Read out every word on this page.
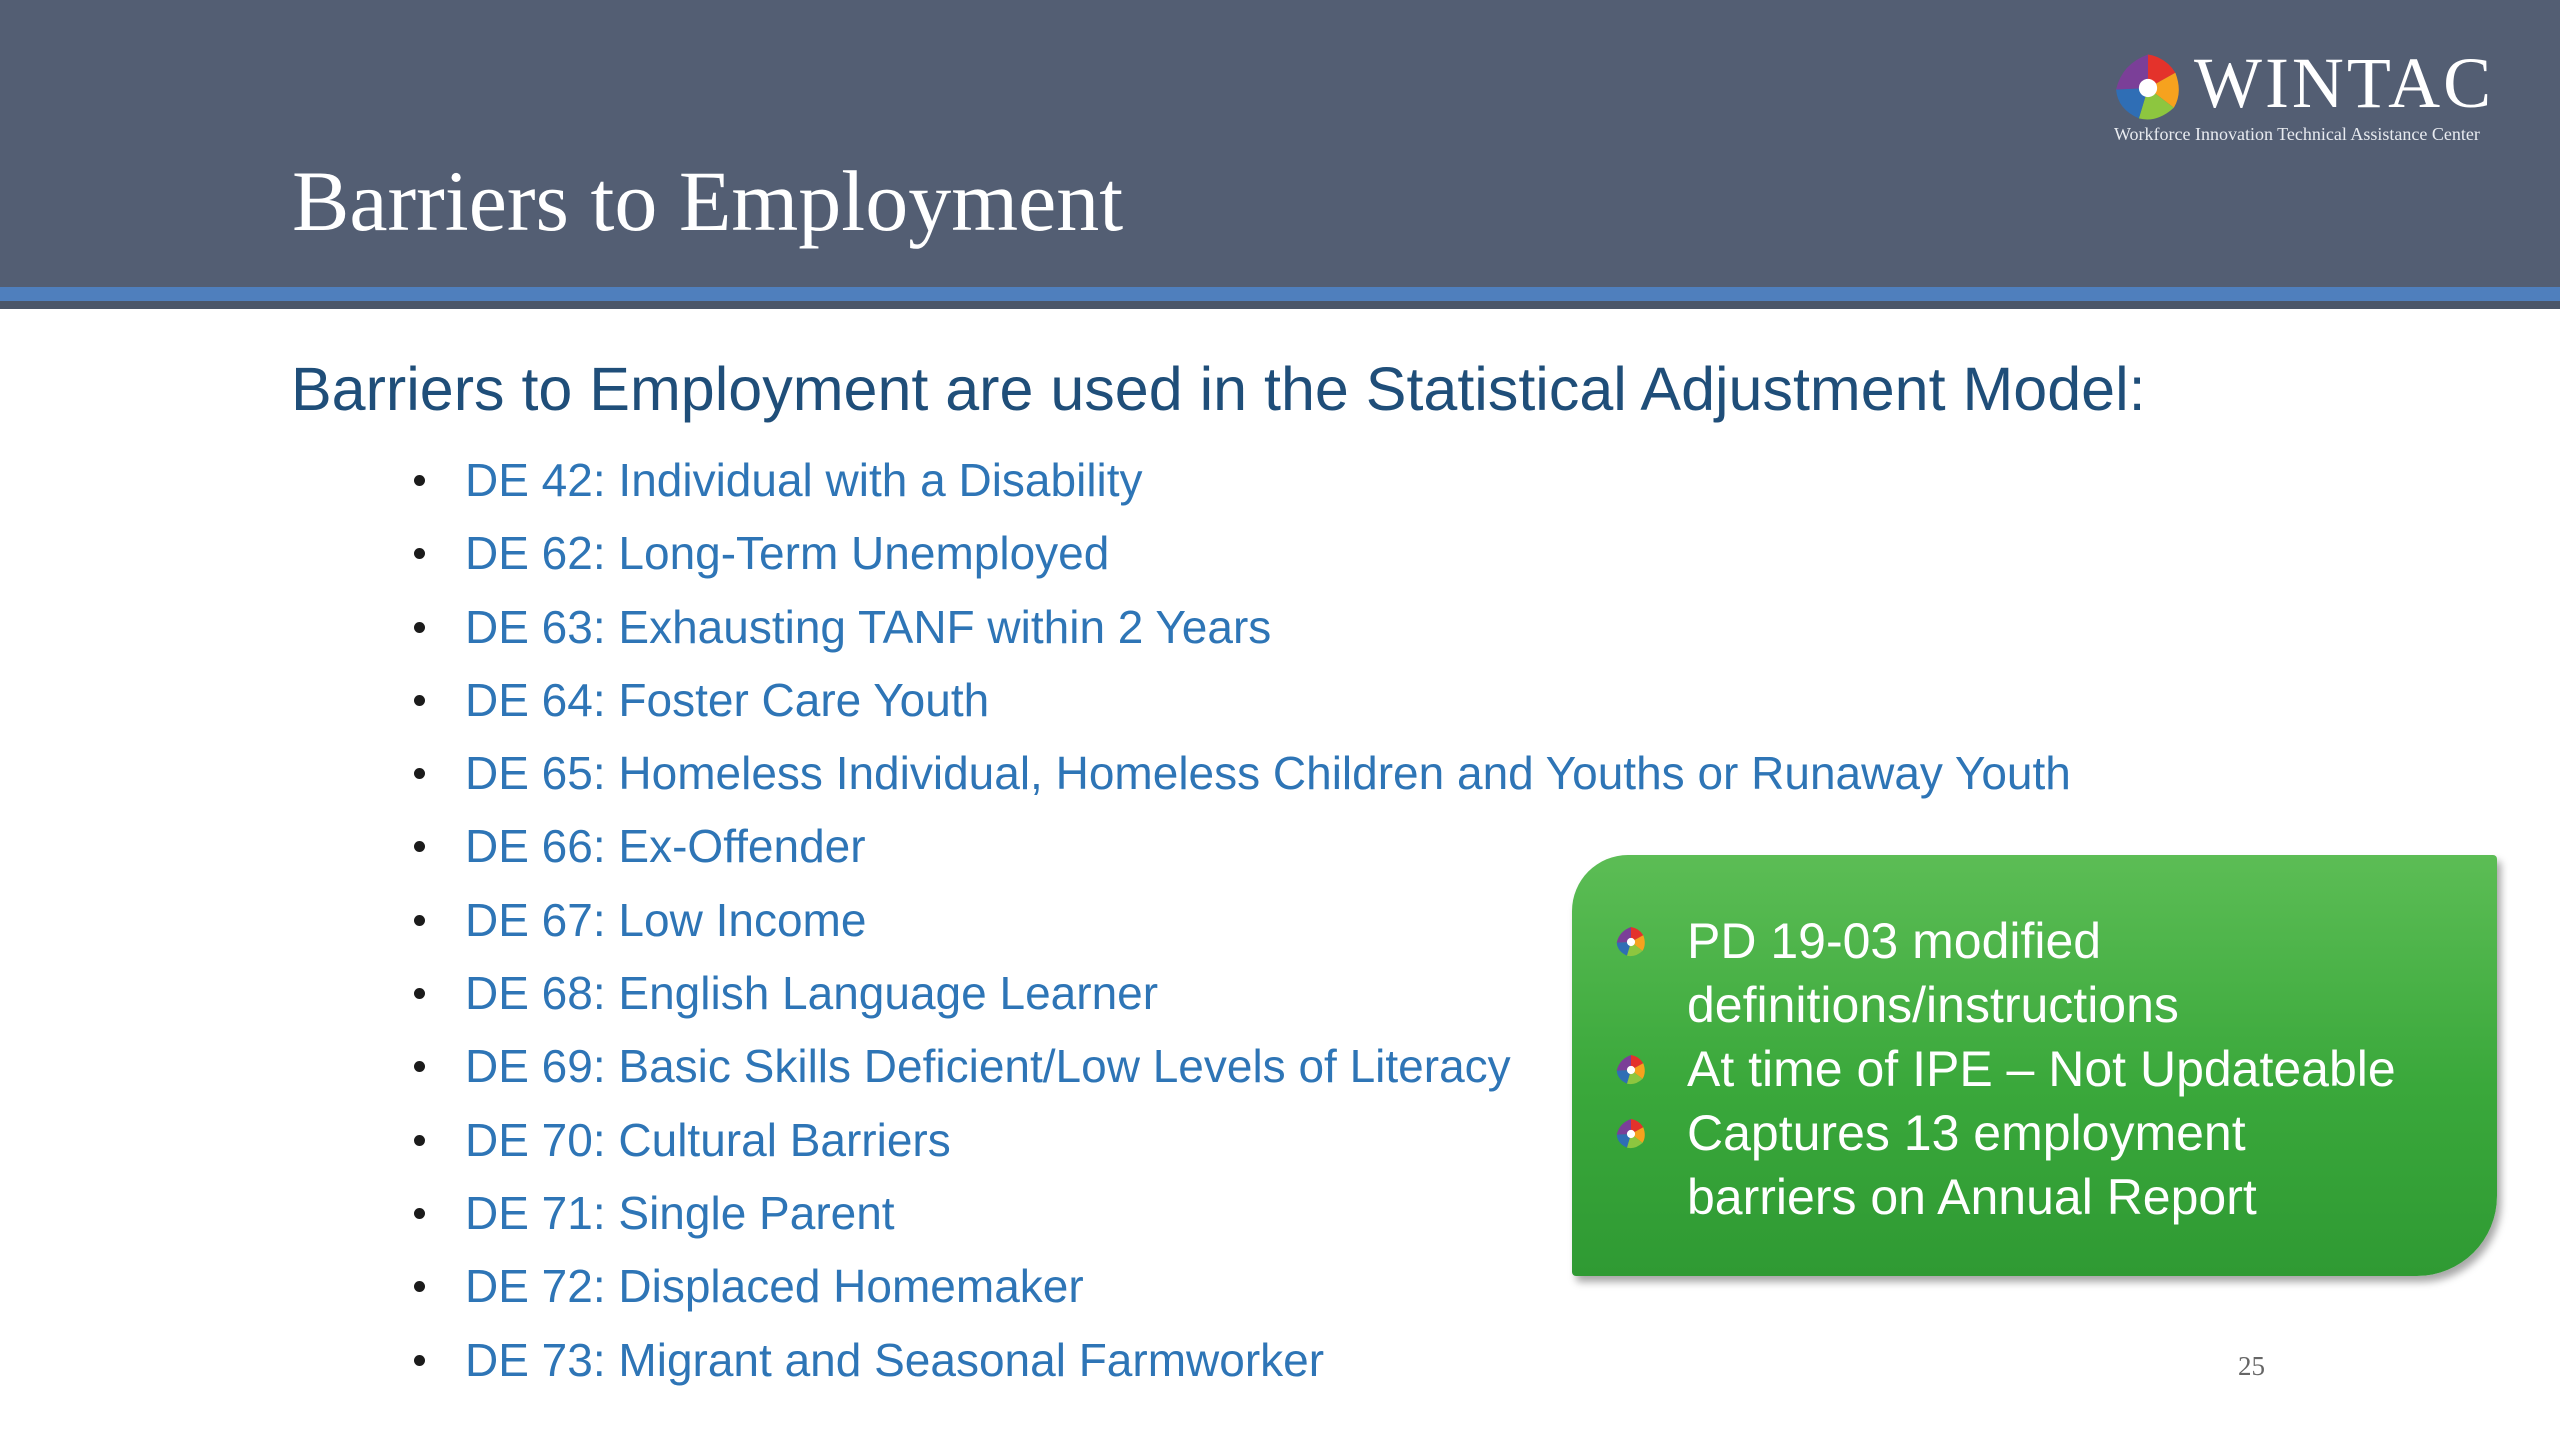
Barriers to Employment
WINTAC
Workforce Innovation Technical Assistance Center
Barriers to Employment are used in the Statistical Adjustment Model:
DE 42: Individual with a Disability
DE 62: Long-Term Unemployed
DE 63: Exhausting TANF within 2 Years
DE 64: Foster Care Youth
DE 65: Homeless Individual, Homeless Children and Youths or Runaway Youth
DE 66: Ex-Offender
DE 67: Low Income
DE 68: English Language Learner
DE 69: Basic Skills Deficient/Low Levels of Literacy
DE 70: Cultural Barriers
DE 71: Single Parent
DE 72: Displaced Homemaker
DE 73: Migrant and Seasonal Farmworker
PD 19-03 modified
definitions/instructions
At time of IPE – Not Updateable
Captures 13 employment
barriers on Annual Report
25
